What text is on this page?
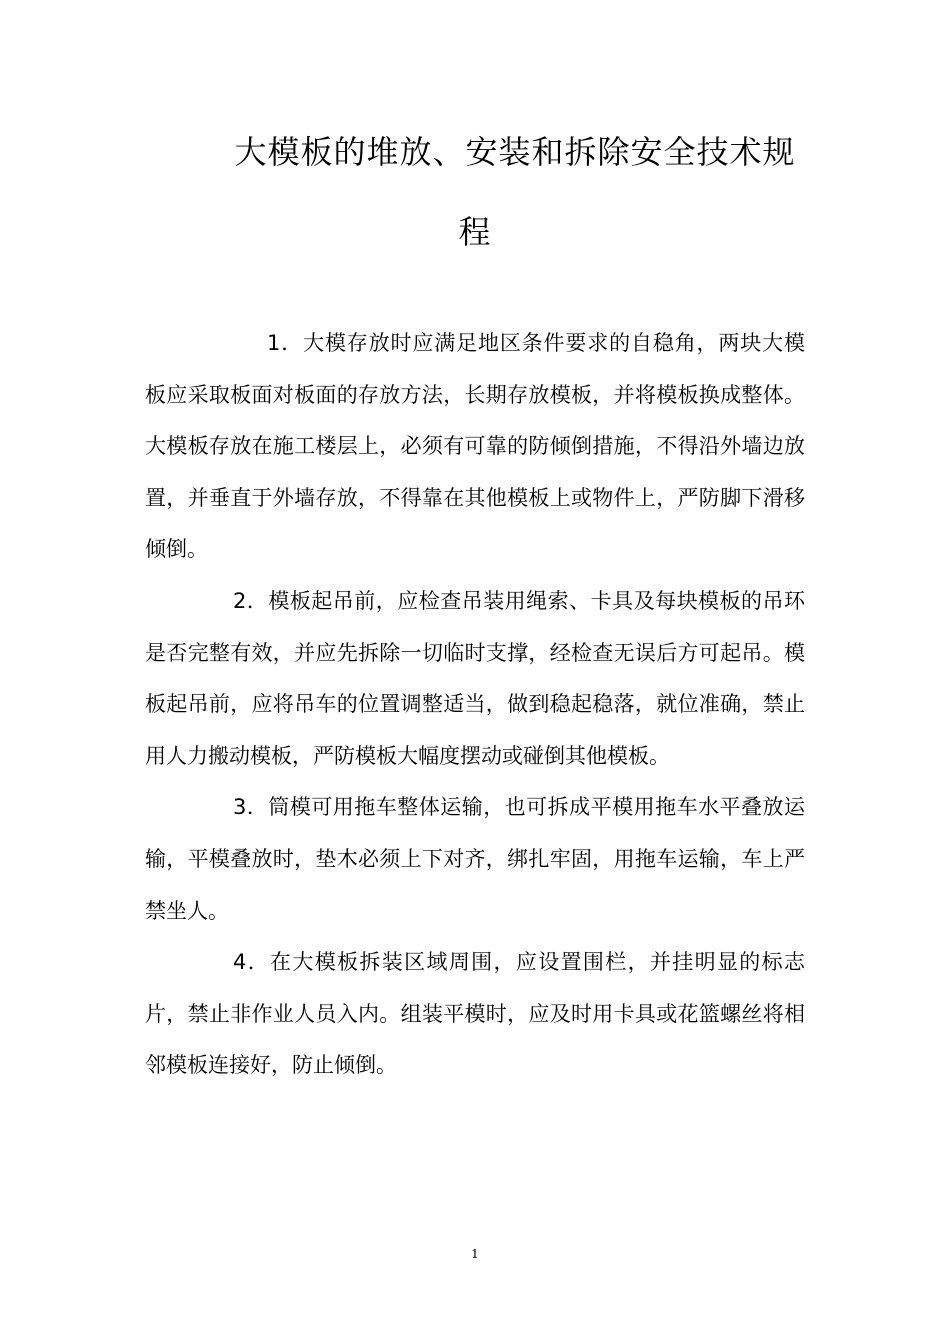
大模板的堆放、安装和拆除安全技术规程

1．大模存放时应满足地区条件要求的自稳角，两块大模板应采取板面对板面的存放方法，长期存放模板，并将模板换成整体。大模板存放在施工楼层上，必须有可靠的防倾倒措施，不得沿外墙边放置，并垂直于外墙存放，不得靠在其他模板上或物件上，严防脚下滑移倾倒。

2．模板起吊前，应检查吊装用绳索、卡具及每块模板的吊环是否完整有效，并应先拆除一切临时支撑，经检查无误后方可起吊。模板起吊前，应将吊车的位置调整适当，做到稳起稳落，就位准确，禁止用人力搬动模板，严防模板大幅度摆动或碰倒其他模板。

3．筒模可用拖车整体运输，也可拆成平模用拖车水平叠放运输，平模叠放时，垫木必须上下对齐，绑扎牢固，用拖车运输，车上严禁坐人。

4．在大模板拆装区域周围，应设置围栏，并挂明显的标志片，禁止非作业人员入内。组装平模时，应及时用卡具或花篮螺丝将相邻模板连接好，防止倾倒。

1
